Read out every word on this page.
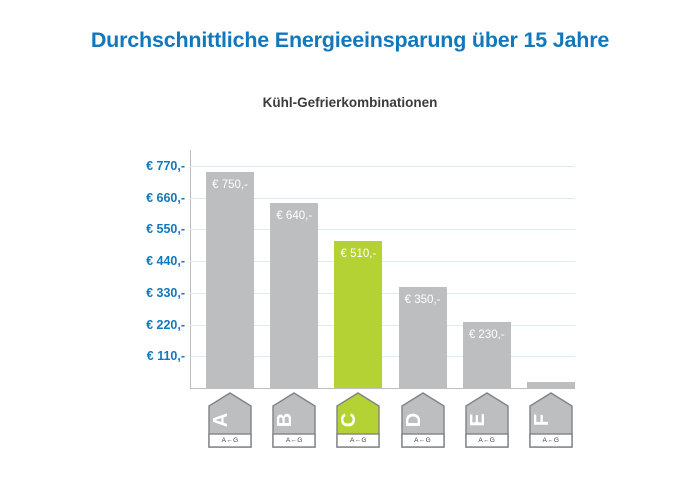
Durchschnittliche Energieeinsparung über 15 Jahre
Kühl-Gefrierkombinationen
€ 110,-
€ 220,-
€ 330,-
€ 440,-
€ 550,-
€ 660,-
€ 770,-
€ 750,-
€ 640,-
€ 510,-
€ 350,-
€ 230,-
A
A←G
B
A←G
C
A←G
D
A←G
E
A←G
F
A←G
